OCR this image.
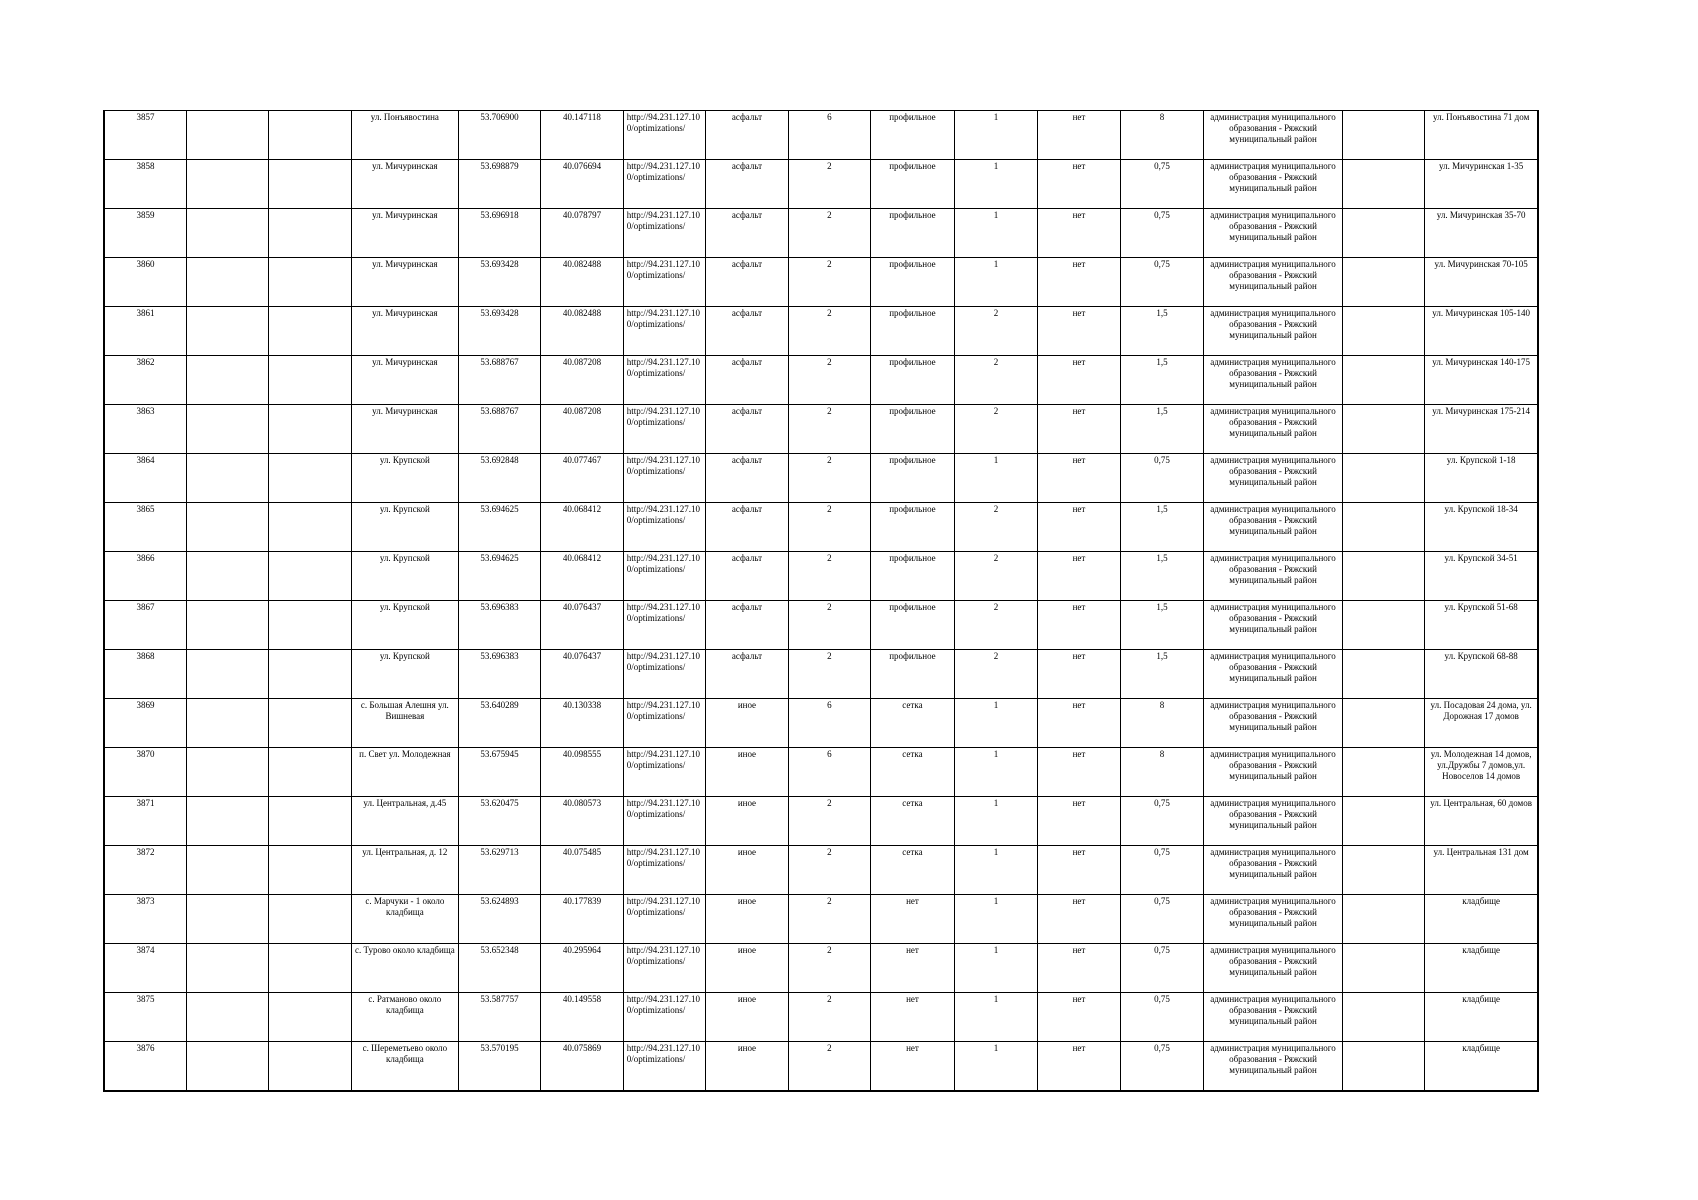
3857			ул. Понъявостина	53.706900	40.147118	http://94.231.127.100/optimizations/	асфальт	6	профильное	1	нет	8	администрация муниципального образования - Ряжский муниципальный район		ул. Понъявостина 71 дом
3858			ул. Мичуринская	53.698879	40.076694	http://94.231.127.100/optimizations/	асфальт	2	профильное	1	нет	0,75	администрация муниципального образования - Ряжский муниципальный район		ул. Мичуринская 1-35
3859			ул. Мичуринская	53.696918	40.078797	http://94.231.127.100/optimizations/	асфальт	2	профильное	1	нет	0,75	администрация муниципального образования - Ряжский муниципальный район		ул. Мичуринская 35-70
3860			ул. Мичуринская	53.693428	40.082488	http://94.231.127.100/optimizations/	асфальт	2	профильное	1	нет	0,75	администрация муниципального образования - Ряжский муниципальный район		ул. Мичуринская 70-105
3861			ул. Мичуринская	53.693428	40.082488	http://94.231.127.100/optimizations/	асфальт	2	профильное	2	нет	1,5	администрация муниципального образования - Ряжский муниципальный район		ул. Мичуринская 105-140
3862			ул. Мичуринская	53.688767	40.087208	http://94.231.127.100/optimizations/	асфальт	2	профильное	2	нет	1,5	администрация муниципального образования - Ряжский муниципальный район		ул. Мичуринская 140-175
3863			ул. Мичуринская	53.688767	40.087208	http://94.231.127.100/optimizations/	асфальт	2	профильное	2	нет	1,5	администрация муниципального образования - Ряжский муниципальный район		ул. Мичуринская 175-214
3864			ул. Крупской	53.692848	40.077467	http://94.231.127.100/optimizations/	асфальт	2	профильное	1	нет	0,75	администрация муниципального образования - Ряжский муниципальный район		ул. Крупской 1-18
3865			ул. Крупской	53.694625	40.068412	http://94.231.127.100/optimizations/	асфальт	2	профильное	2	нет	1,5	администрация муниципального образования - Ряжский муниципальный район		ул. Крупской 18-34
3866			ул. Крупской	53.694625	40.068412	http://94.231.127.100/optimizations/	асфальт	2	профильное	2	нет	1,5	администрация муниципального образования - Ряжский муниципальный район		ул. Крупской 34-51
3867			ул. Крупской	53.696383	40.076437	http://94.231.127.100/optimizations/	асфальт	2	профильное	2	нет	1,5	администрация муниципального образования - Ряжский муниципальный район		ул. Крупской 51-68
3868			ул. Крупской	53.696383	40.076437	http://94.231.127.100/optimizations/	асфальт	2	профильное	2	нет	1,5	администрация муниципального образования - Ряжский муниципальный район		ул. Крупской 68-88
3869			с. Большая Алешня ул. Вишневая	53.640289	40.130338	http://94.231.127.100/optimizations/	иное	6	сетка	1	нет	8	администрация муниципального образования - Ряжский муниципальный район		ул. Посадовая 24 дома, ул. Дорожная 17 домов
3870			п. Свет ул. Молодежная	53.675945	40.098555	http://94.231.127.100/optimizations/	иное	6	сетка	1	нет	8	администрация муниципального образования - Ряжский муниципальный район		ул. Молодежная 14 домов, ул.Дружбы 7 домов,ул. Новоселов 14 домов
3871			ул. Центральная, д.45	53.620475	40.080573	http://94.231.127.100/optimizations/	иное	2	сетка	1	нет	0,75	администрация муниципального образования - Ряжский муниципальный район		ул. Центральная, 60 домов
3872			ул. Центральная, д. 12	53.629713	40.075485	http://94.231.127.100/optimizations/	иное	2	сетка	1	нет	0,75	администрация муниципального образования - Ряжский муниципальный район		ул. Центральная 131 дом
3873			с. Марчуки - 1 около кладбища	53.624893	40.177839	http://94.231.127.100/optimizations/	иное	2	нет	1	нет	0,75	администрация муниципального образования - Ряжский муниципальный район		кладбище
3874			с. Турово около кладбища	53.652348	40.295964	http://94.231.127.100/optimizations/	иное	2	нет	1	нет	0,75	администрация муниципального образования - Ряжский муниципальный район		кладбище
3875			с. Ратманово около кладбища	53.587757	40.149558	http://94.231.127.100/optimizations/	иное	2	нет	1	нет	0,75	администрация муниципального образования - Ряжский муниципальный район		кладбище
3876			с. Шереметьево около кладбища	53.570195	40.075869	http://94.231.127.100/optimizations/	иное	2	нет	1	нет	0,75	администрация муниципального образования - Ряжский муниципальный район		кладбище
